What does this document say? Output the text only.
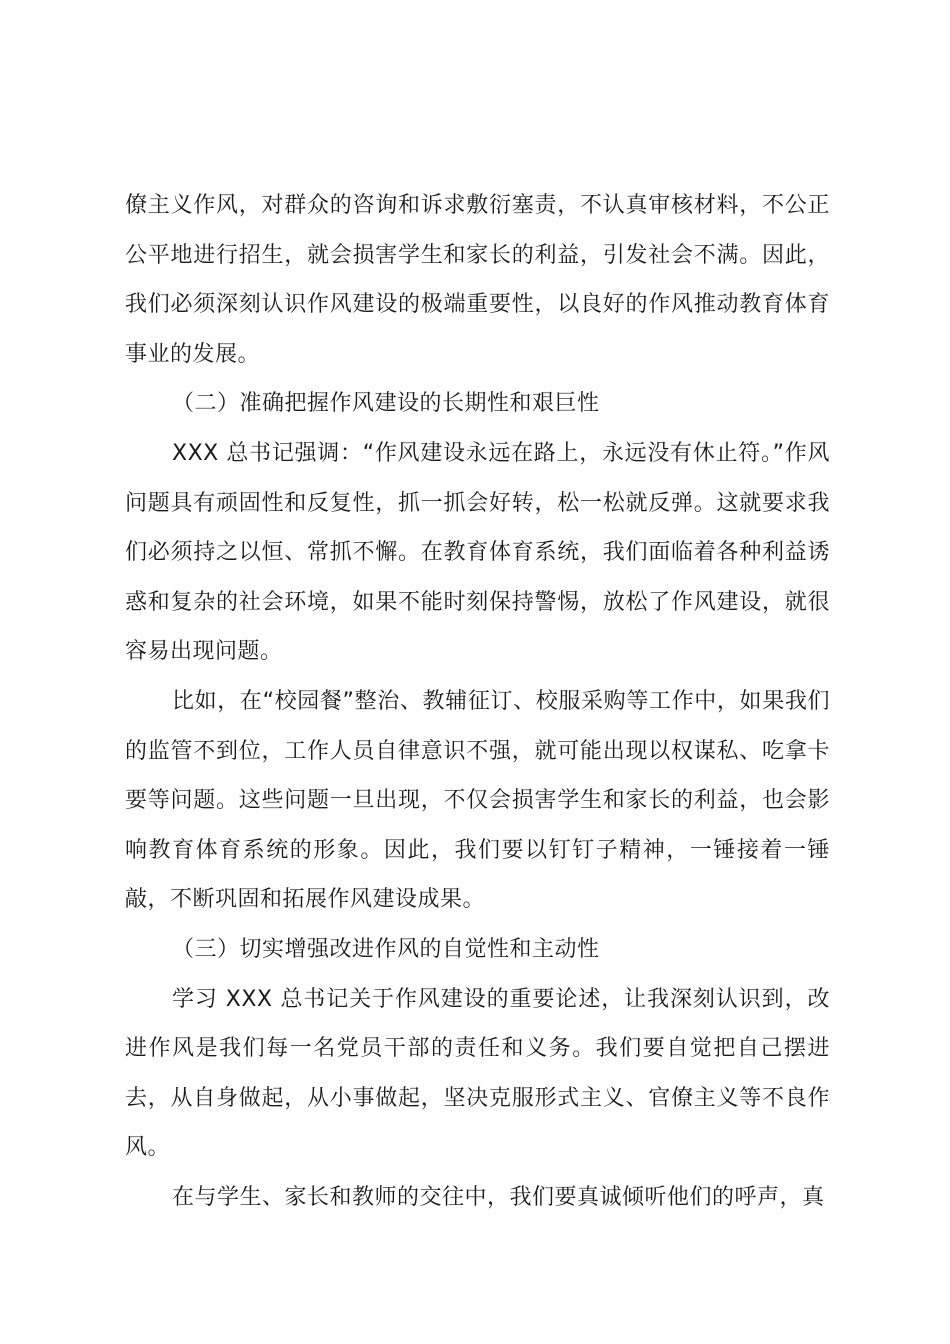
僚主义作风，对群众的咨询和诉求敷衍塞责，不认真审核材料，不公正公平地进行招生，就会损害学生和家长的利益，引发社会不满。因此，我们必须深刻认识作风建设的极端重要性，以良好的作风推动教育体育事业的发展。

（二）准确把握作风建设的长期性和艰巨性

XXX 总书记强调：“作风建设永远在路上，永远没有休止符。”作风问题具有顽固性和反复性，抓一抓会好转，松一松就反弹。这就要求我们必须持之以恒、常抓不懈。在教育体育系统，我们面临着各种利益诱惑和复杂的社会环境，如果不能时刻保持警惕，放松了作风建设，就很容易出现问题。

比如，在“校园餐”整治、教辅征订、校服采购等工作中，如果我们的监管不到位，工作人员自律意识不强，就可能出现以权谋私、吃拿卡要等问题。这些问题一旦出现，不仅会损害学生和家长的利益，也会影响教育体育系统的形象。因此，我们要以钉钉子精神，一锤接着一锤敲，不断巩固和拓展作风建设成果。

（三）切实增强改进作风的自觉性和主动性

学习 XXX 总书记关于作风建设的重要论述，让我深刻认识到，改进作风是我们每一名党员干部的责任和义务。我们要自觉把自己摆进去，从自身做起，从小事做起，坚决克服形式主义、官僚主义等不良作风。

在与学生、家长和教师的交往中，我们要真诚倾听他们的呼声，真
